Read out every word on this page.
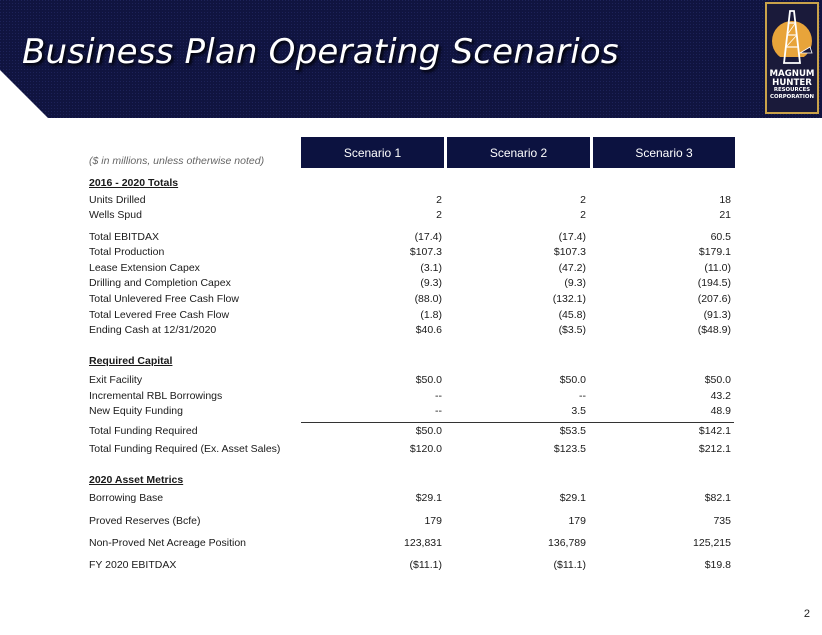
Business Plan Operating Scenarios
MAGNUM
HUNTER
RESOURCES
CORPORATION
Scenario 1	Scenario 2	Scenario 3
($ in millions, unless otherwise noted)
2016 - 2020 Totals
Units Drilled	2	2	18
Wells Spud	2	2	21
Total EBITDAX	(17.4)	(17.4)	60.5
Total Production	$107.3	$107.3	$179.1
Lease Extension Capex	(3.1)	(47.2)	(11.0)
Drilling and Completion Capex	(9.3)	(9.3)	(194.5)
Total Unlevered Free Cash Flow	(88.0)	(132.1)	(207.6)
Total Levered Free Cash Flow	(1.8)	(45.8)	(91.3)
Ending Cash at 12/31/2020	$40.6	($3.5)	($48.9)
Required Capital
Exit Facility	$50.0	$50.0	$50.0
Incremental RBL Borrowings	--	--	43.2
New Equity Funding	--	3.5	48.9
Total Funding Required	$50.0	$53.5	$142.1
Total Funding Required (Ex. Asset Sales)	$120.0	$123.5	$212.1
2020 Asset Metrics
Borrowing Base	$29.1	$29.1	$82.1
Proved Reserves (Bcfe)	179	179	735
Non-Proved Net Acreage Position	123,831	136,789	125,215
FY 2020 EBITDAX	($11.1)	($11.1)	$19.8
2
